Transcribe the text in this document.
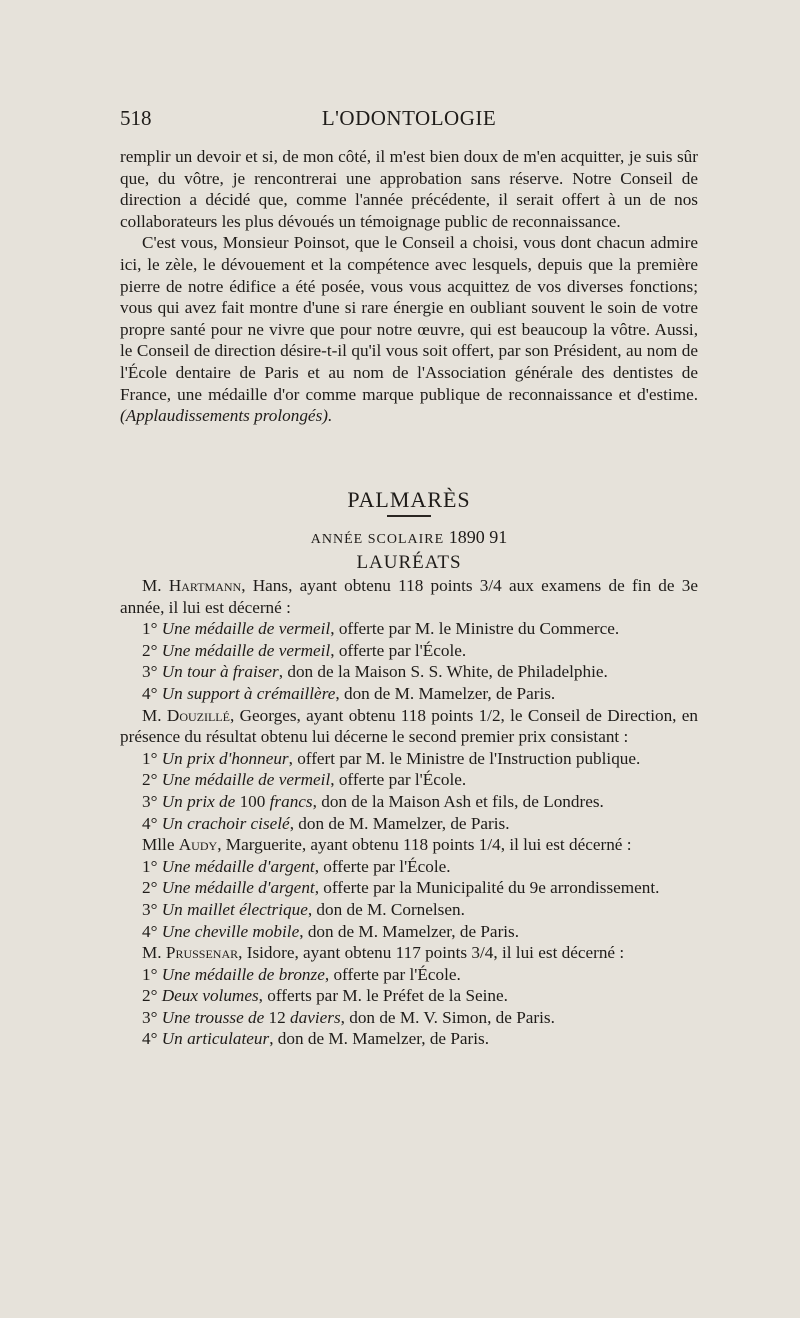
518	L'ODONTOLOGIE

remplir un devoir et si, de mon côté, il m'est bien doux de m'en acquitter, je suis sûr que, du vôtre, je rencontrerai une approbation sans réserve. Notre Conseil de direction a décidé que, comme l'année précédente, il serait offert à un de nos collaborateurs les plus dévoués un témoignage public de reconnaissance.

C'est vous, Monsieur Poinsot, que le Conseil a choisi, vous dont chacun admire ici, le zèle, le dévouement et la compétence avec lesquels, depuis que la première pierre de notre édifice a été posée, vous vous acquittez de vos diverses fonctions; vous qui avez fait montre d'une si rare énergie en oubliant souvent le soin de votre propre santé pour ne vivre que pour notre œuvre, qui est beaucoup la vôtre. Aussi, le Conseil de direction désire-t-il qu'il vous soit offert, par son Président, au nom de l'École dentaire de Paris et au nom de l'Association générale des dentistes de France, une médaille d'or comme marque publique de reconnaissance et d'estime. (Applaudissements prolongés).

PALMARÈS

ANNÉE SCOLAIRE 1890 91

LAURÉATS

M. Hartmann, Hans, ayant obtenu 118 points 3/4 aux examens de fin de 3e année, il lui est décerné :

1° Une médaille de vermeil, offerte par M. le Ministre du Commerce.

2° Une médaille de vermeil, offerte par l'École.

3° Un tour à fraiser, don de la Maison S. S. White, de Philadelphie.

4° Un support à crémaillère, don de M. Mamelzer, de Paris.

M. Douzillé, Georges, ayant obtenu 118 points 1/2, le Conseil de Direction, en présence du résultat obtenu lui décerne le second premier prix consistant :

1° Un prix d'honneur, offert par M. le Ministre de l'Instruction publique.

2° Une médaille de vermeil, offerte par l'École.

3° Un prix de 100 francs, don de la Maison Ash et fils, de Londres.

4° Un crachoir ciselé, don de M. Mamelzer, de Paris.

Mlle Audy, Marguerite, ayant obtenu 118 points 1/4, il lui est décerné :

1° Une médaille d'argent, offerte par l'École.

2° Une médaille d'argent, offerte par la Municipalité du 9e arrondissement.

3° Un maillet électrique, don de M. Cornelsen.

4° Une cheville mobile, don de M. Mamelzer, de Paris.

M. Prussenar, Isidore, ayant obtenu 117 points 3/4, il lui est décerné :

1° Une médaille de bronze, offerte par l'École.

2° Deux volumes, offerts par M. le Préfet de la Seine.

3° Une trousse de 12 daviers, don de M. V. Simon, de Paris.

4° Un articulateur, don de M. Mamelzer, de Paris.
